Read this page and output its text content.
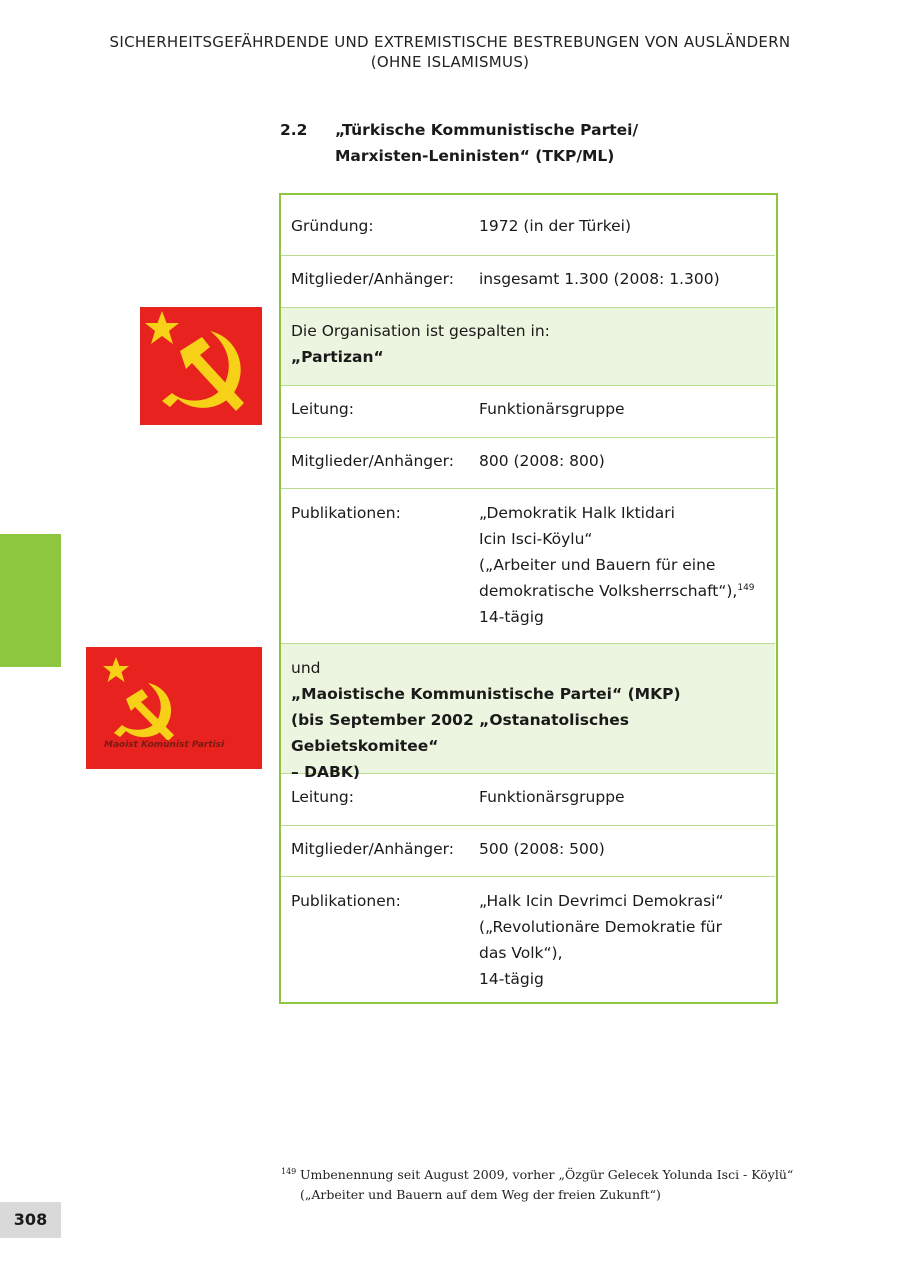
SICHERHEITSGEFÄHRDENDE UND EXTREMISTISCHE BESTREBUNGEN VON AUSLÄNDERN
(OHNE ISLAMISMUS)
2.2 „Türkische Kommunistische Partei/
Marxisten-Leninisten“ (TKP/ML)
Maoist Komünist Partisi
Gründung:	1972 (in der Türkei)
Mitglieder/Anhänger: insgesamt 1.300 (2008: 1.300)
Die Organisation ist gespalten in:
„Partizan“
Leitung:	Funktionärsgruppe
Mitglieder/Anhänger: 800 (2008: 800)
Publikationen:	„Demokratik Halk Iktidari
Icin Isci-Köylu“
(„Arbeiter und Bauern für eine
demokratische Volksherrschaft“),$^{149}$
14-tägig
und
„Maoistische Kommunistische Partei“ (MKP)
(bis September 2002 „Ostanatolisches Gebietskomitee“
– DABK)
Leitung:	Funktionärsgruppe
Mitglieder/Anhänger: 500 (2008: 500)
Publikationen:	„Halk Icin Devrimci Demokrasi“
(„Revolutionäre Demokratie für
das Volk“),
14-tägig
149 Umbenennung seit August 2009, vorher „Özgür Gelecek Yolunda Isci - Köylü“
(„Arbeiter und Bauern auf dem Weg der freien Zukunft“)
308
